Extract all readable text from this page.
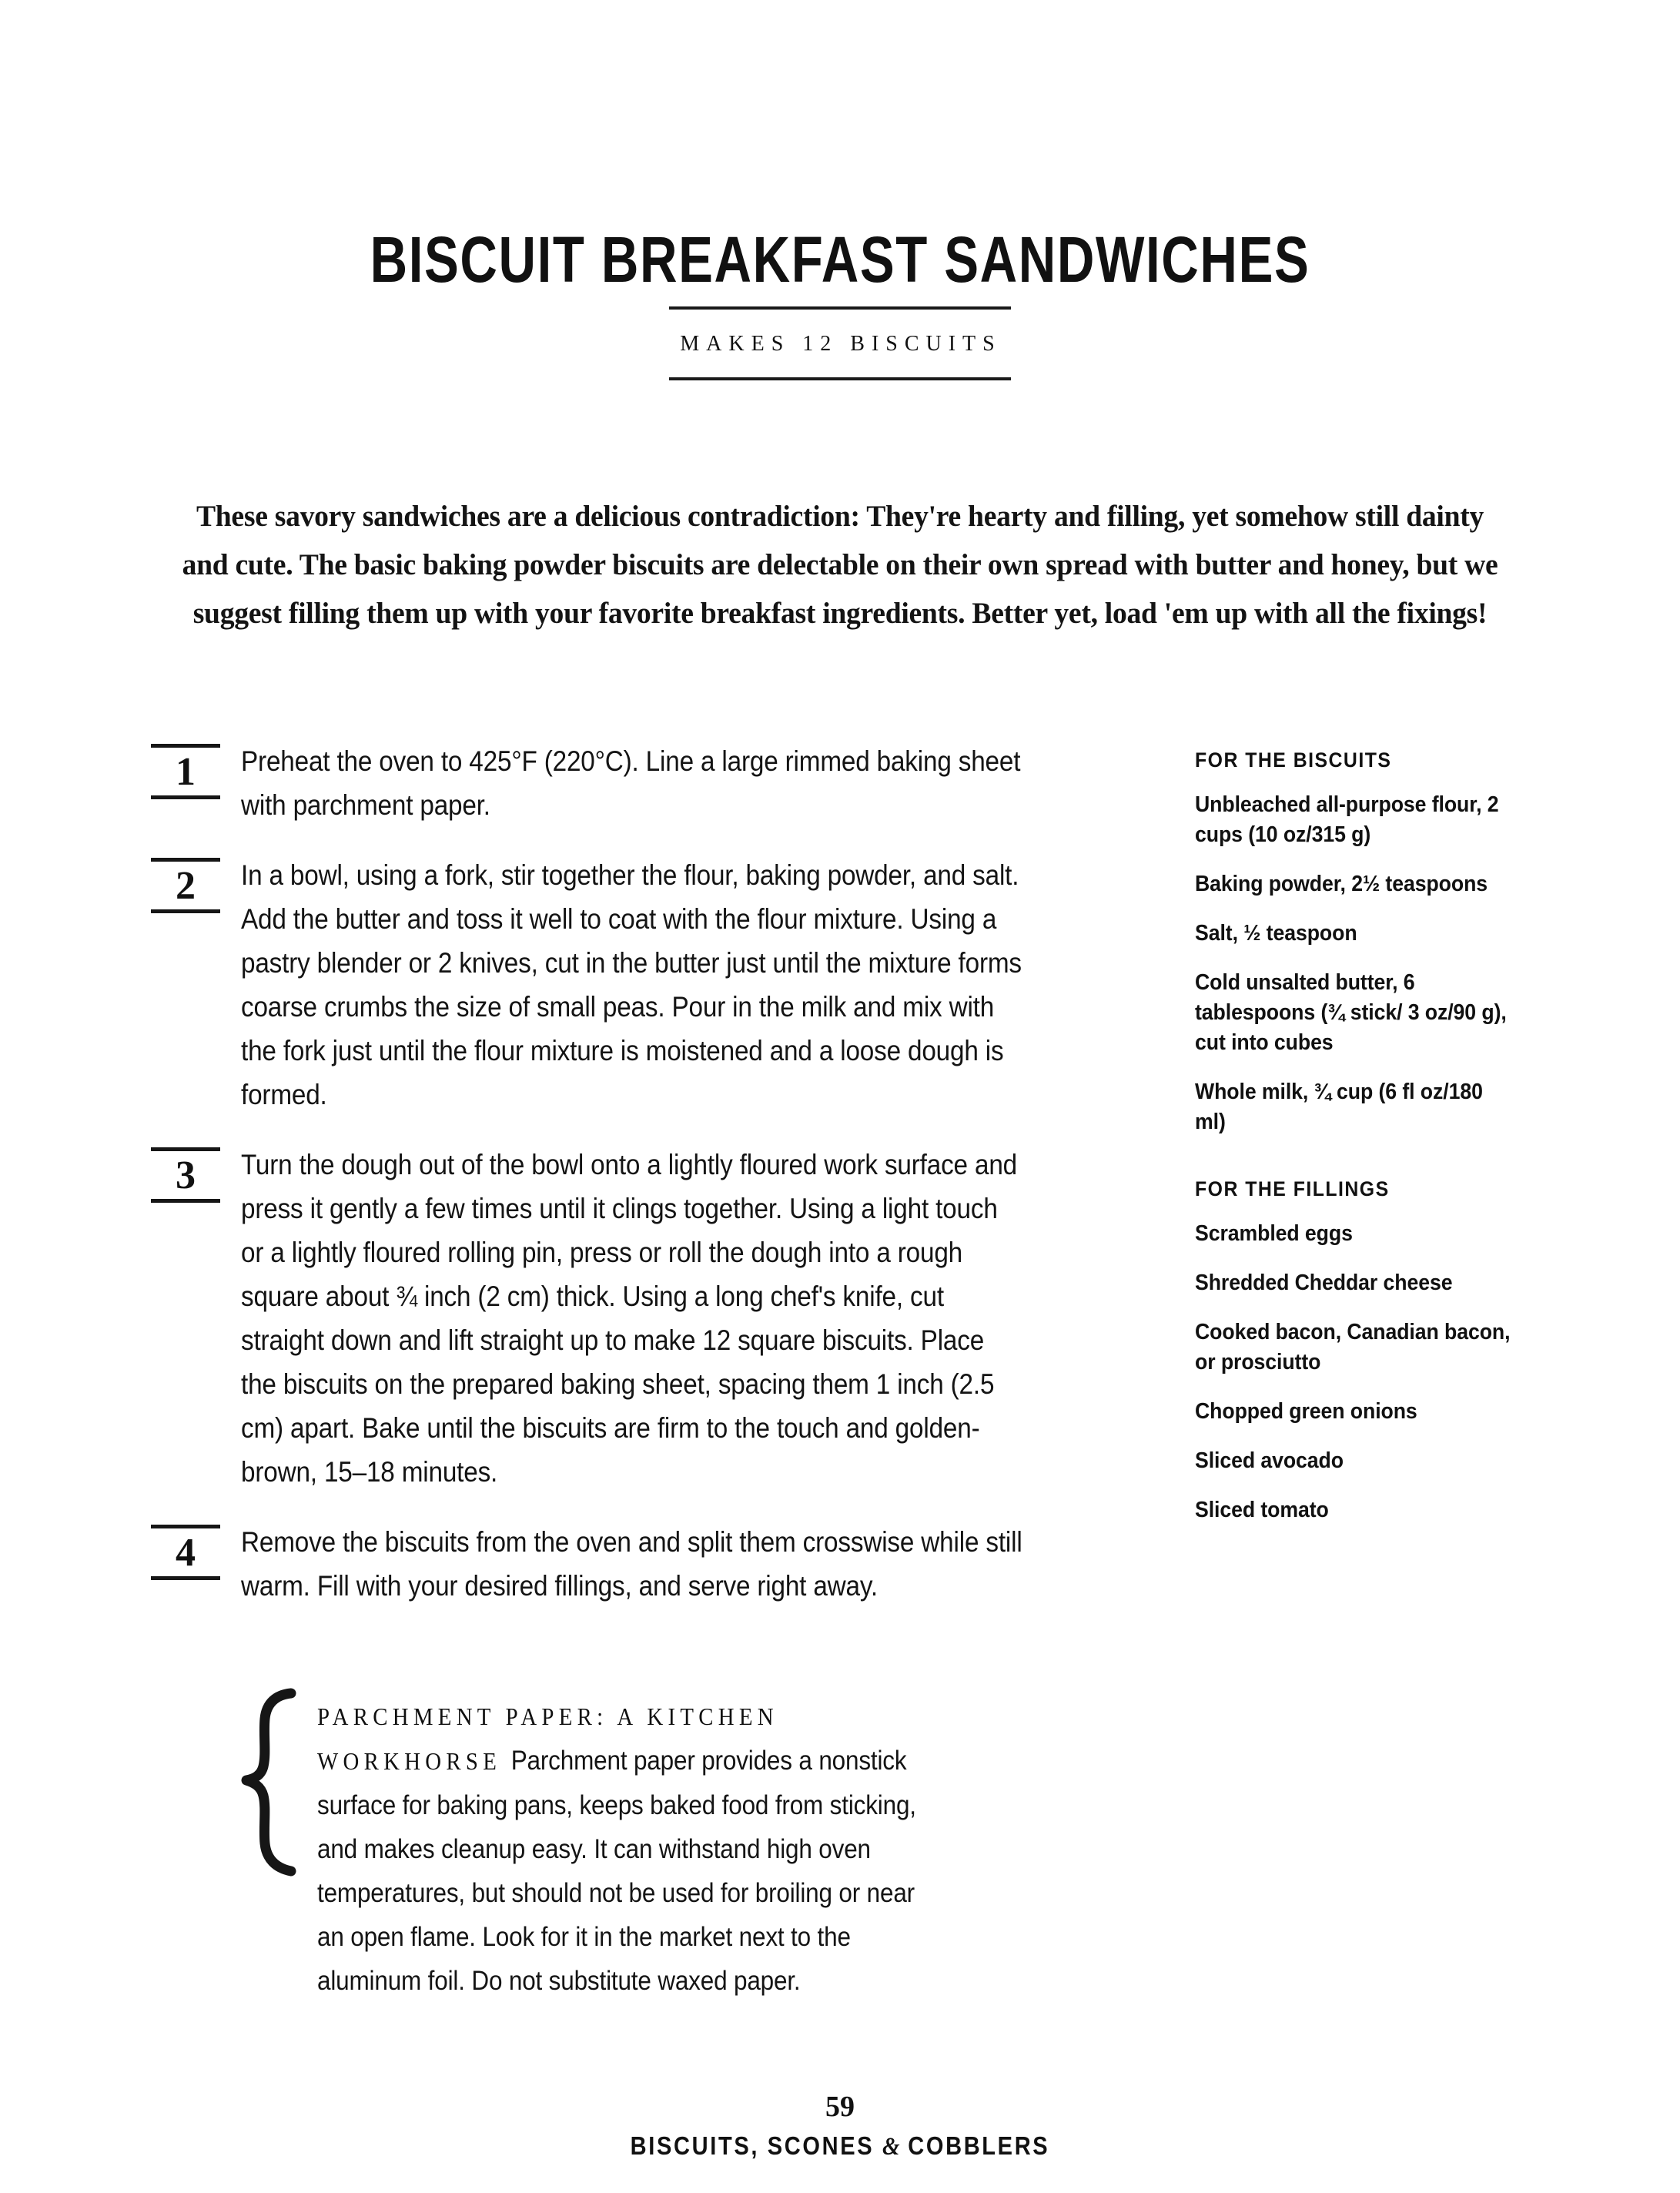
BISCUIT BREAKFAST SANDWICHES
MAKES 12 BISCUITS

These savory sandwiches are a delicious contradiction: They're hearty and filling, yet somehow still dainty and cute. The basic baking powder biscuits are delectable on their own spread with butter and honey, but we suggest filling them up with your favorite breakfast ingredients. Better yet, load 'em up with all the fixings!

1	Preheat the oven to 425°F (220°C). Line a large rimmed baking sheet with parchment paper.
2	In a bowl, using a fork, stir together the flour, baking powder, and salt. Add the butter and toss it well to coat with the flour mixture. Using a pastry blender or 2 knives, cut in the butter just until the mixture forms coarse crumbs the size of small peas. Pour in the milk and mix with the fork just until the flour mixture is moistened and a loose dough is formed.
3	Turn the dough out of the bowl onto a lightly floured work surface and press it gently a few times until it clings together. Using a light touch or a lightly floured rolling pin, press or roll the dough into a rough square about ¾ inch (2 cm) thick. Using a long chef's knife, cut straight down and lift straight up to make 12 square biscuits. Place the biscuits on the prepared baking sheet, spacing them 1 inch (2.5 cm) apart. Bake until the biscuits are firm to the touch and golden-brown, 15–18 minutes.
4	Remove the biscuits from the oven and split them crosswise while still warm. Fill with your desired fillings, and serve right away.
FOR THE BISCUITS
Unbleached all-purpose flour, 2 cups (10 oz/315 g)
Baking powder, 2½ teaspoons
Salt, ½ teaspoon
Cold unsalted butter, 6 tablespoons (¾ stick/ 3 oz/90 g), cut into cubes
Whole milk, ¾ cup (6 fl oz/180 ml)
FOR THE FILLINGS
Scrambled eggs
Shredded Cheddar cheese
Cooked bacon, Canadian bacon, or prosciutto
Chopped green onions
Sliced avocado
Sliced tomato
PARCHMENT PAPER: A KITCHEN WORKHORSE Parchment paper provides a nonstick surface for baking pans, keeps baked food from sticking, and makes cleanup easy. It can withstand high oven temperatures, but should not be used for broiling or near an open flame. Look for it in the market next to the aluminum foil. Do not substitute waxed paper.
59
BISCUITS, SCONES & COBBLERS
